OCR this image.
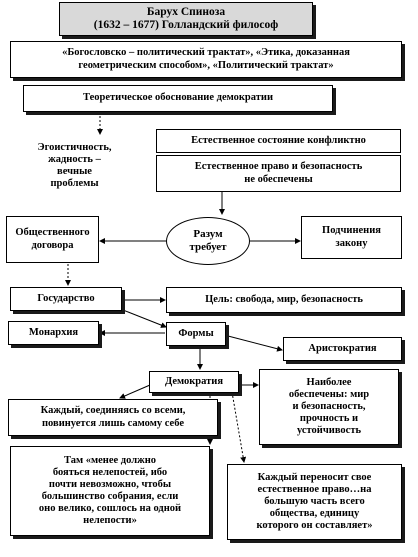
Барух Спиноза
(1632 – 1677) Голландский философ
«Богословско – политический трактат», «Этика, доказанная
геометрическим способом», «Политический трактат»
Теоретическое обоснование демократии
Эгоистичность,
жадность –
вечные
проблемы
Естественное состояние конфликтно
Естественное право и безопасность
не обеспечены
Общественного
договора
Разум
требует
Подчинения
закону
Государство	Цель: свобода, мир, безопасность
Монархия	Формы
Аристократия
Демократия	Наиболее
обеспечены: мир
и безопасность,
прочность и
устойчивость
Каждый, соединяясь со всеми,
повинуется лишь самому себе
Там «менее должно
бояться нелепостей, ибо
почти невозможно, чтобы
большинство собрания, если
оно велико, сошлось на одной
нелепости»
Каждый переносит свое
естественное право…на
большую часть всего
общества, единицу
которого он составляет»
